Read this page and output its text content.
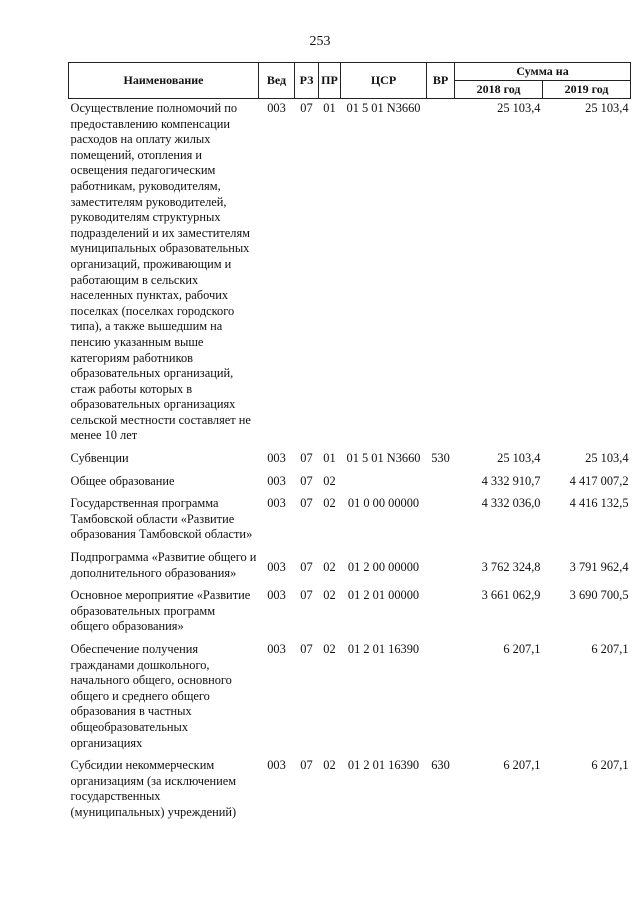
253
Наименование	Вед	РЗ	ПР	ЦСР	ВР	Сумма на	
						2018 год	2019 год
Осуществление полномочий по предоставлению компенсации расходов на оплату жилых помещений, отопления и освещения педагогическим работникам, руководителям, заместителям руководителей, руководителям структурных подразделений и их заместителям муниципальных образовательных организаций, проживающим и работающим в сельских населенных пунктах, рабочих поселках (поселках городского типа), а также вышедшим на пенсию указанным выше категориям работников образовательных организаций, стаж работы которых в образовательных организациях сельской местности составляет не менее 10 лет	003	07	01	01 5 01 N3660		25 103,4	25 103,4
Субвенции	003	07	01	01 5 01 N3660	530	25 103,4	25 103,4
Общее образование	003	07	02			4 332 910,7	4 417 007,2
Государственная программа Тамбовской области «Развитие образования Тамбовской области»	003	07	02	01 0 00 00000		4 332 036,0	4 416 132,5
Подпрограмма «Развитие общего и дополнительного образования»	003	07	02	01 2 00 00000		3 762 324,8	3 791 962,4
Основное мероприятие «Развитие образовательных программ общего образования»	003	07	02	01 2 01 00000		3 661 062,9	3 690 700,5
Обеспечение получения гражданами дошкольного, начального общего, основного общего и среднего общего образования в частных общеобразовательных организациях	003	07	02	01 2 01 16390		6 207,1	6 207,1
Субсидии некоммерческим организациям (за исключением государственных (муниципальных) учреждений)	003	07	02	01 2 01 16390	630	6 207,1	6 207,1
